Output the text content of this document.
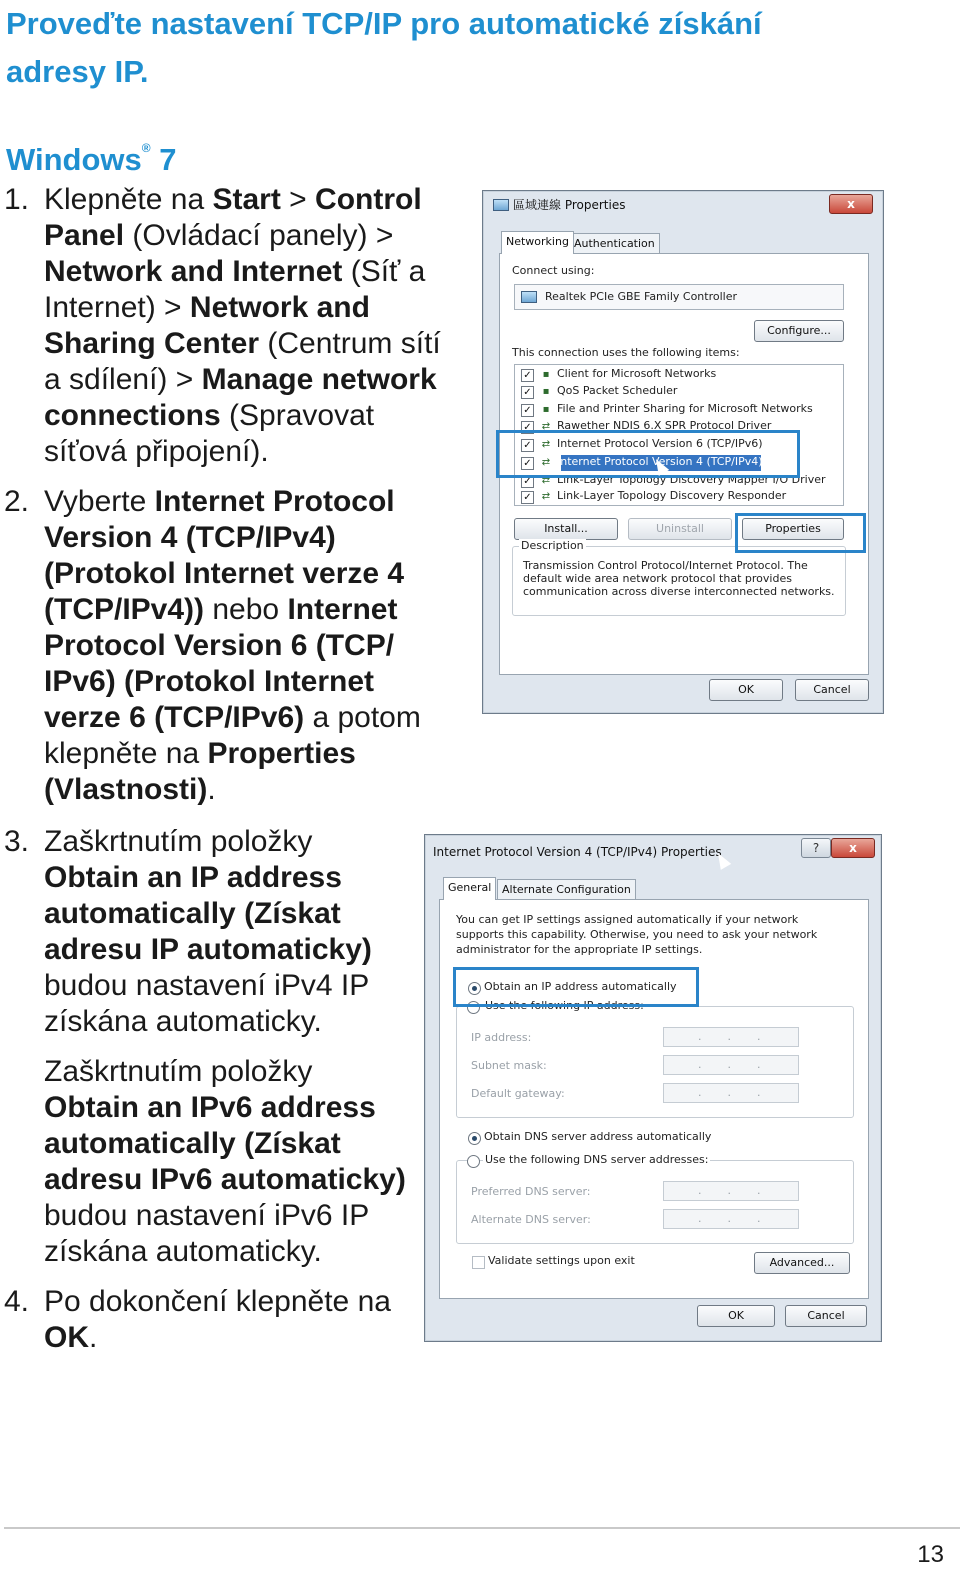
Proveďte nastavení TCP/IP pro automatické získání adresy IP.
Windows® 7
1. Klepněte na Start > Control Panel (Ovládací panely) > Network and Internet (Síť a Internet) > Network and Sharing Center (Centrum sítí a sdílení) > Manage network connections (Spravovat síťová připojení).

2. Vyberte Internet Protocol Version 4 (TCP/IPv4) (Protokol Internet verze 4 (TCP/IPv4)) nebo Internet Protocol Version 6 (TCP/ IPv6) (Protokol Internet verze 6 (TCP/IPv6) a potom klepněte na Properties (Vlastnosti).

3. Zaškrtnutím položky Obtain an IP address automatically (Získat adresu IP automaticky) budou nastavení iPv4 IP získána automaticky.

Zaškrtnutím položky Obtain an IPv6 address automatically (Získat adresu IPv6 automaticky) budou nastavení iPv6 IP získána automaticky.

4. Po dokončení klepněte na OK.

區域連線 Properties	x
Networking Authentication
Connect using:
Realtek PCIe GBE Family Controller
Configure...
This connection uses the following items:
✓	▪ Client for Microsoft Networks
✓	▪ QoS Packet Scheduler
✓	▪ File and Printer Sharing for Microsoft Networks
✓ ⇄ Rawether NDIS 6.X SPR Protocol Driver
✓ ⇄ Internet Protocol Version 6 (TCP/IPv6)
✓ ⇄ Internet Protocol Version 4 (TCP/IPv4)
✓ ⇄ Link-Layer Topology Discovery Mapper I/O Driver
✓ ⇄ Link-Layer Topology Discovery Responder
Install...	Uninstall	Properties
Description
Transmission Control Protocol/Internet Protocol. The default wide area network protocol that provides communication across diverse interconnected networks.
OK	Cancel
Internet Protocol Version 4 (TCP/IPv4) Properties	?	x
General Alternate Configuration
You can get IP settings assigned automatically if your network supports this capability. Otherwise, you need to ask your network administrator for the appropriate IP settings.
Obtain an IP address automatically
Use the following IP address:
IP address:	...
Subnet mask:	...
Default gateway:	...
Obtain DNS server address automatically
Use the following DNS server addresses:
Preferred DNS server:	...
Alternate DNS server:	...
Validate settings upon exit	Advanced...
OK	Cancel
13
